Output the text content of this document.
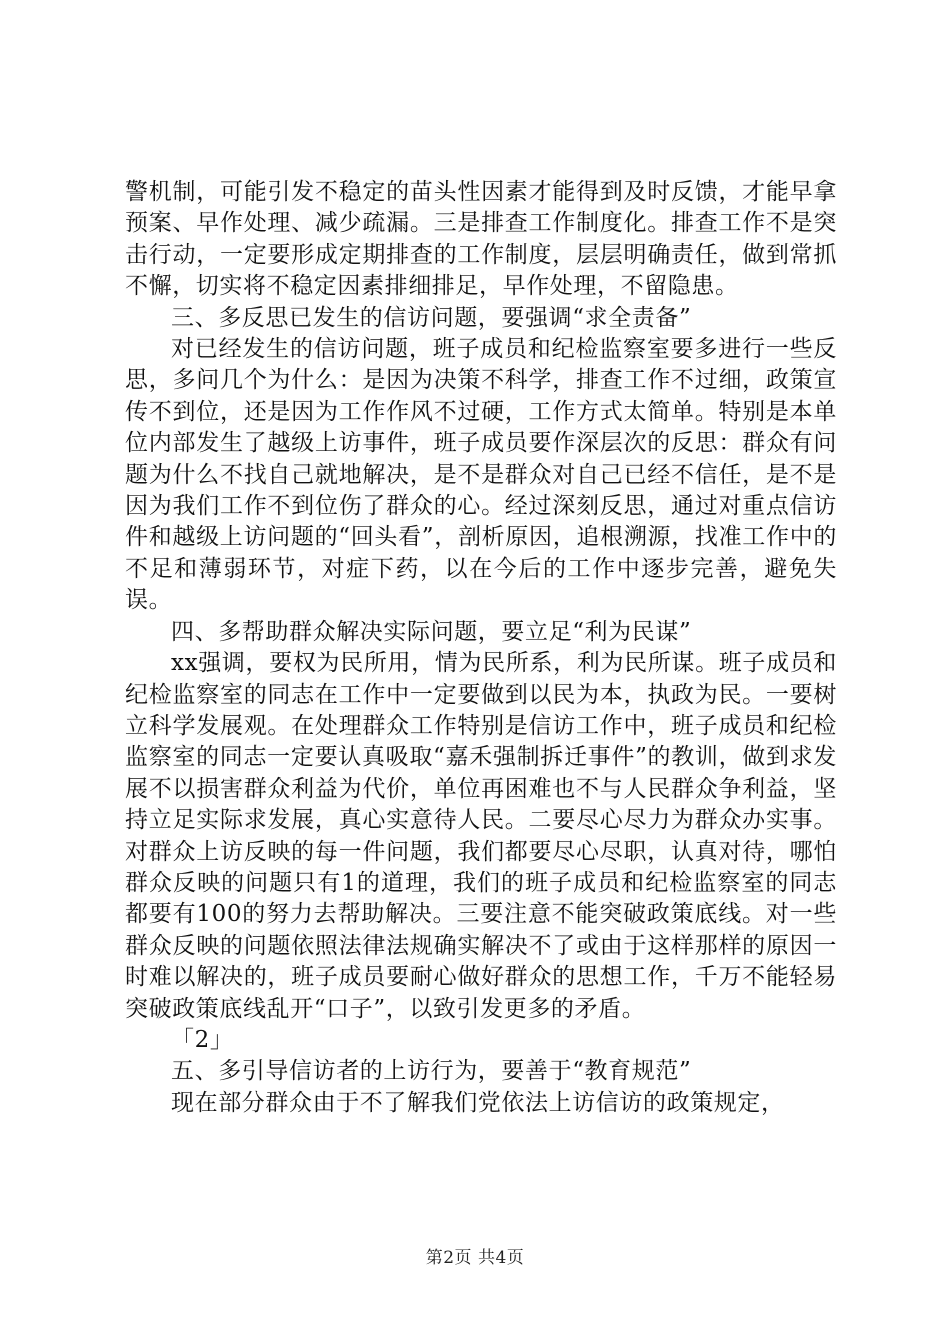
警机制，可能引发不稳定的苗头性因素才能得到及时反馈，才能早拿预案、早作处理、减少疏漏。三是排查工作制度化。排查工作不是突击行动，一定要形成定期排查的工作制度，层层明确责任，做到常抓不懈，切实将不稳定因素排细排足，早作处理，不留隐患。

三、多反思已发生的信访问题，要强调“求全责备”

对已经发生的信访问题，班子成员和纪检监察室要多进行一些反思，多问几个为什么：是因为决策不科学，排查工作不过细，政策宣传不到位，还是因为工作作风不过硬，工作方式太简单。特别是本单位内部发生了越级上访事件，班子成员要作深层次的反思：群众有问题为什么不找自己就地解决，是不是群众对自己已经不信任，是不是因为我们工作不到位伤了群众的心。经过深刻反思，通过对重点信访件和越级上访问题的“回头看”，剖析原因，追根溯源，找准工作中的不足和薄弱环节，对症下药，以在今后的工作中逐步完善，避免失误。

四、多帮助群众解决实际问题，要立足“利为民谋”

xx强调，要权为民所用，情为民所系，利为民所谋。班子成员和纪检监察室的同志在工作中一定要做到以民为本，执政为民。一要树立科学发展观。在处理群众工作特别是信访工作中，班子成员和纪检监察室的同志一定要认真吸取“嘉禾强制拆迁事件”的教训，做到求发展不以损害群众利益为代价，单位再困难也不与人民群众争利益，坚持立足实际求发展，真心实意待人民。二要尽心尽力为群众办实事。对群众上访反映的每一件问题，我们都要尽心尽职，认真对待，哪怕群众反映的问题只有1的道理，我们的班子成员和纪检监察室的同志都要有100的努力去帮助解决。三要注意不能突破政策底线。对一些群众反映的问题依照法律法规确实解决不了或由于这样那样的原因一时难以解决的，班子成员要耐心做好群众的思想工作，千万不能轻易突破政策底线乱开“口子”，以致引发更多的矛盾。

「2」

五、多引导信访者的上访行为，要善于“教育规范”

现在部分群众由于不了解我们党依法上访信访的政策规定，

第2页 共4页
